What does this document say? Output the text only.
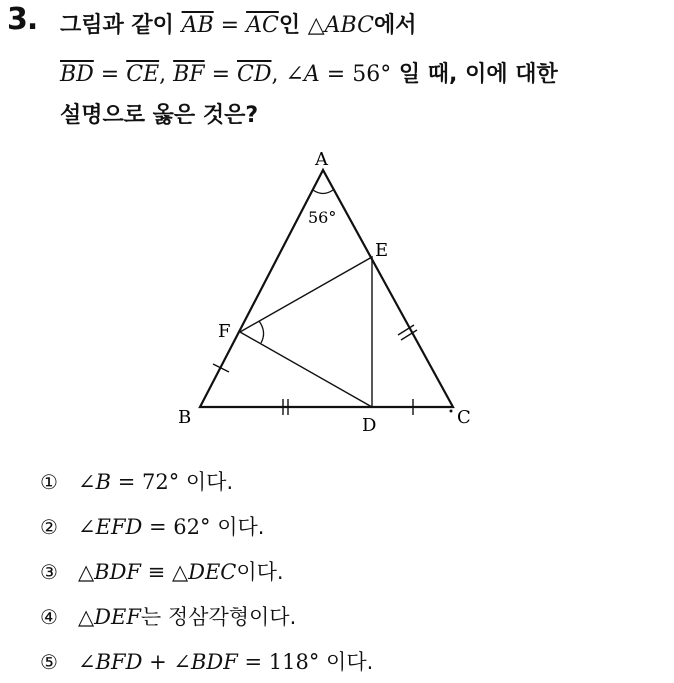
3. 그림과 같이 $\overline{AB} = \overline{AC}$인 △ABC에서
$\overline{BD} = \overline{CE}$, $\overline{BF} = \overline{CD}$, ∠A = 56° 일 때, 이에 대한
설명으로 옳은 것은?
A
B	C
D
E
F
56°
① ∠B = 72° 이다.
② ∠EFD = 62° 이다.
③ △BDF ≡ △DEC이다.
④ △DEF는 정삼각형이다.
⑤ ∠BFD + ∠BDF = 118° 이다.
